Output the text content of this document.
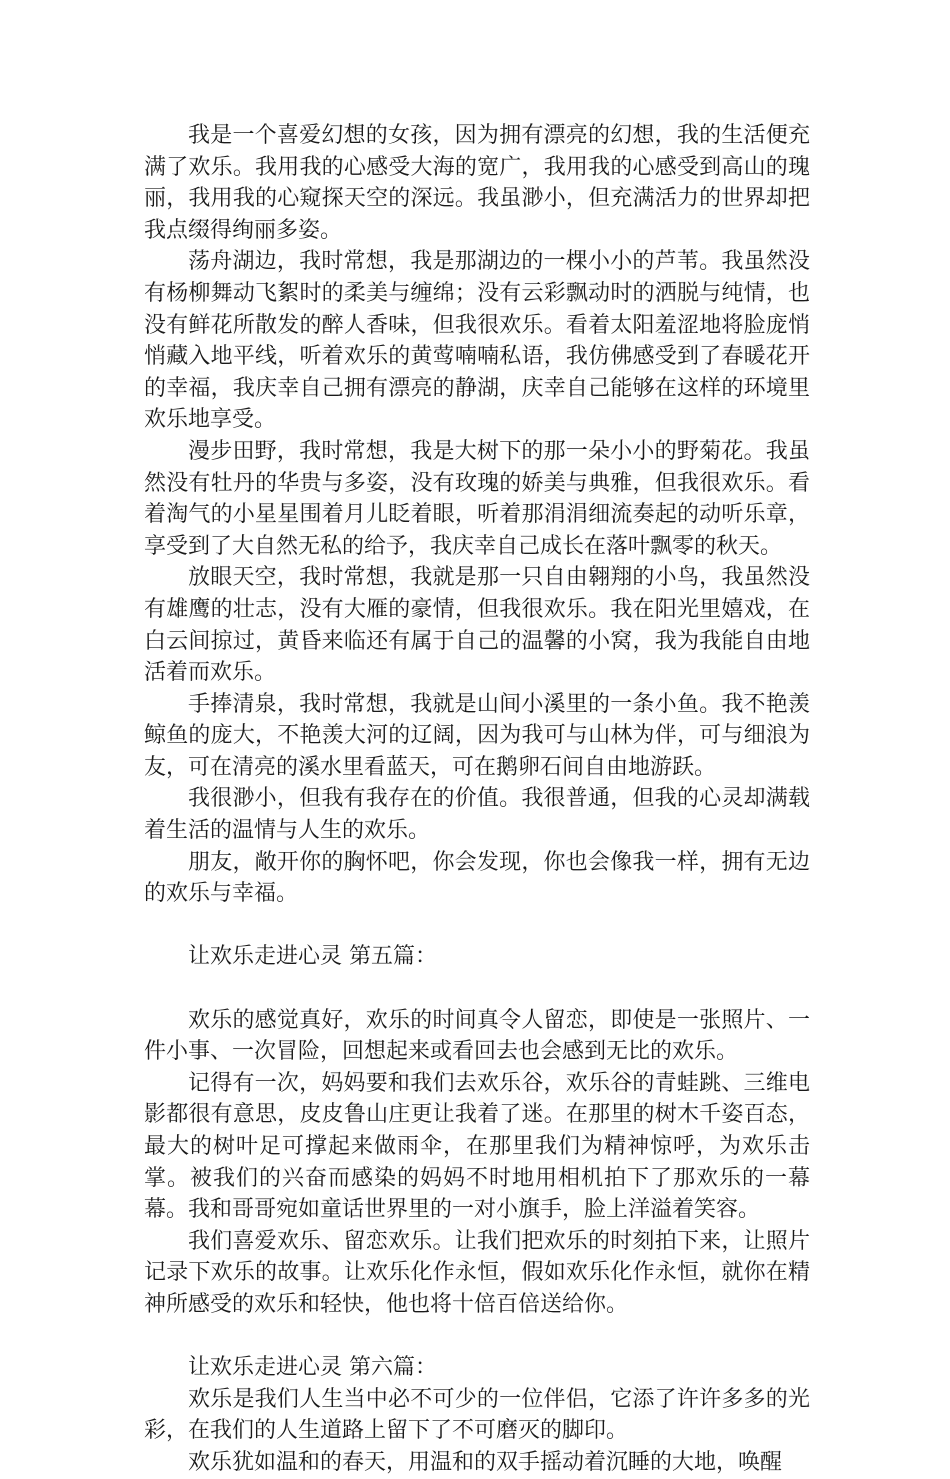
我是一个喜爱幻想的女孩，因为拥有漂亮的幻想，我的生活便充满了欢乐。我用我的心感受大海的宽广，我用我的心感受到高山的瑰丽，我用我的心窥探天空的深远。我虽渺小，但充满活力的世界却把我点缀得绚丽多姿。

荡舟湖边，我时常想，我是那湖边的一棵小小的芦苇。我虽然没有杨柳舞动飞絮时的柔美与缠绵；没有云彩飘动时的洒脱与纯情，也没有鲜花所散发的醉人香味，但我很欢乐。看着太阳羞涩地将脸庞悄悄藏入地平线，听着欢乐的黄莺喃喃私语，我仿佛感受到了春暖花开的幸福，我庆幸自己拥有漂亮的静湖，庆幸自己能够在这样的环境里欢乐地享受。

漫步田野，我时常想，我是大树下的那一朵小小的野菊花。我虽然没有牡丹的华贵与多姿，没有玫瑰的娇美与典雅，但我很欢乐。看着淘气的小星星围着月儿眨着眼，听着那涓涓细流奏起的动听乐章，享受到了大自然无私的给予，我庆幸自己成长在落叶飘零的秋天。

放眼天空，我时常想，我就是那一只自由翱翔的小鸟，我虽然没有雄鹰的壮志，没有大雁的豪情，但我很欢乐。我在阳光里嬉戏，在白云间掠过，黄昏来临还有属于自己的温馨的小窝，我为我能自由地活着而欢乐。

手捧清泉，我时常想，我就是山间小溪里的一条小鱼。我不艳羡鲸鱼的庞大，不艳羡大河的辽阔，因为我可与山林为伴，可与细浪为友，可在清亮的溪水里看蓝天，可在鹅卵石间自由地游跃。

我很渺小，但我有我存在的价值。我很普通，但我的心灵却满载着生活的温情与人生的欢乐。

朋友，敞开你的胸怀吧，你会发现，你也会像我一样，拥有无边的欢乐与幸福。

让欢乐走进心灵 第五篇：

欢乐的感觉真好，欢乐的时间真令人留恋，即使是一张照片、一件小事、一次冒险，回想起来或看回去也会感到无比的欢乐。

记得有一次，妈妈要和我们去欢乐谷，欢乐谷的青蛙跳、三维电影都很有意思，皮皮鲁山庄更让我着了迷。在那里的树木千姿百态，最大的树叶足可撑起来做雨伞，在那里我们为精神惊呼，为欢乐击掌。被我们的兴奋而感染的妈妈不时地用相机拍下了那欢乐的一幕幕。我和哥哥宛如童话世界里的一对小旗手，脸上洋溢着笑容。

我们喜爱欢乐、留恋欢乐。让我们把欢乐的时刻拍下来，让照片记录下欢乐的故事。让欢乐化作永恒，假如欢乐化作永恒，就你在精神所感受的欢乐和轻快，他也将十倍百倍送给你。

让欢乐走进心灵 第六篇：

欢乐是我们人生当中必不可少的一位伴侣，它添了许许多多的光彩，在我们的人生道路上留下了不可磨灭的脚印。

欢乐犹如温和的春天，用温和的双手摇动着沉睡的大地，唤醒
